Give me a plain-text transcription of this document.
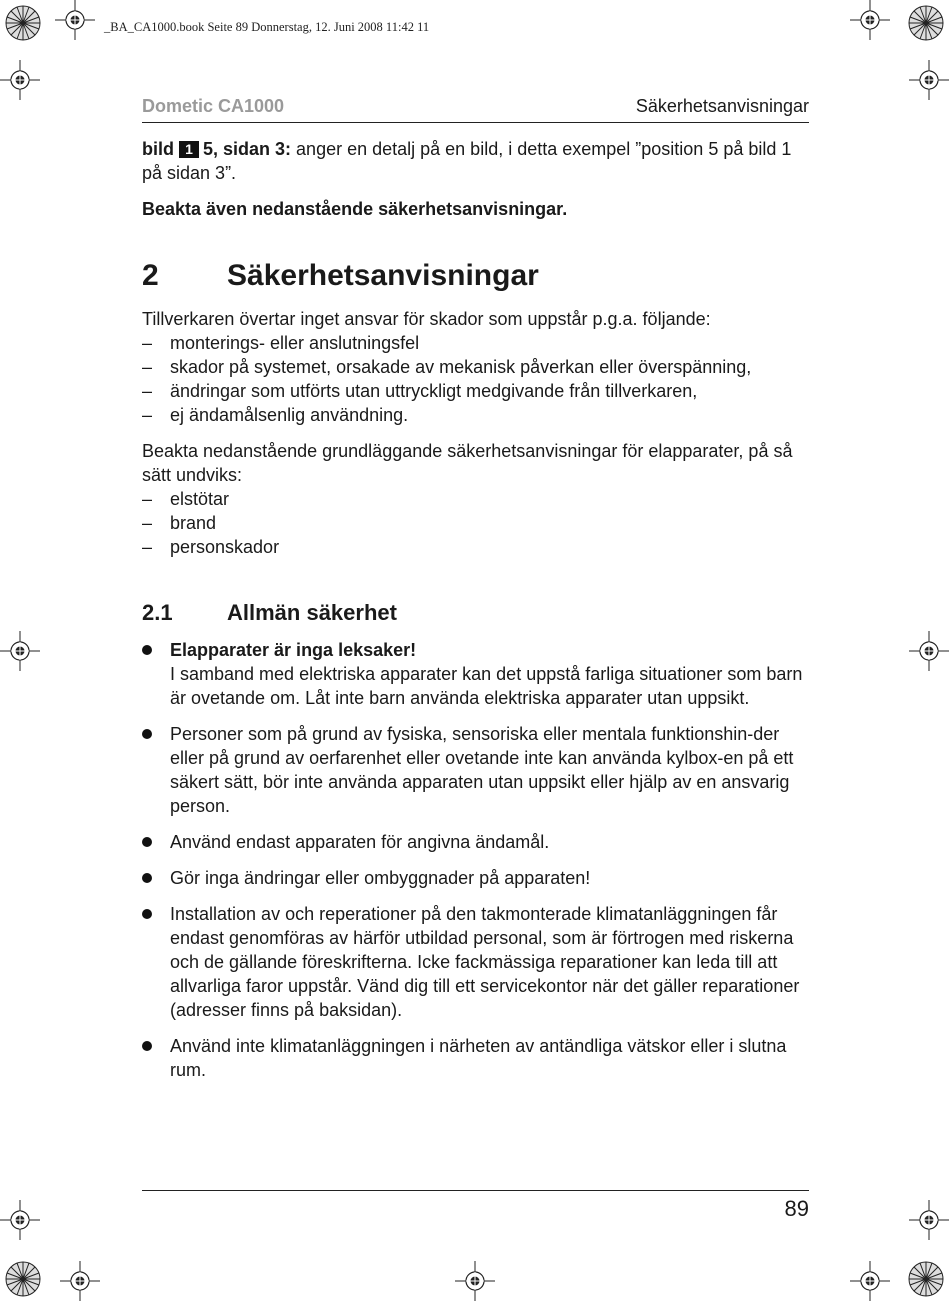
_BA_CA1000.book Seite 89 Donnerstag, 12. Juni 2008 11:42 11
Dometic CA1000	Säkerhetsanvisningar

bild 1 5, sidan 3: anger en detalj på en bild, i detta exempel ”position 5 på bild 1 på sidan 3”.

Beakta även nedanstående säkerhetsanvisningar.

2 Säkerhetsanvisningar

Tillverkaren övertar inget ansvar för skador som uppstår p.g.a. följande:

– monterings- eller anslutningsfel
– skador på systemet, orsakade av mekanisk påverkan eller överspänning,
– ändringar som utförts utan uttryckligt medgivande från tillverkaren,
– ej ändamålsenlig användning.

Beakta nedanstående grundläggande säkerhetsanvisningar för elapparater, på så sätt undviks:

– elstötar
– brand
– personskador
2.1 Allmän säkerhet
Elapparater är inga leksaker!
I samband med elektriska apparater kan det uppstå farliga situationer som barn är ovetande om. Låt inte barn använda elektriska apparater utan uppsikt.
Personer som på grund av fysiska, sensoriska eller mentala funktionshin-der eller på grund av oerfarenhet eller ovetande inte kan använda kylbox-en på ett säkert sätt, bör inte använda apparaten utan uppsikt eller hjälp av en ansvarig person.
Använd endast apparaten för angivna ändamål.
Gör inga ändringar eller ombyggnader på apparaten!
Installation av och reperationer på den takmonterade klimatanläggningen får endast genomföras av härför utbildad personal, som är förtrogen med riskerna och de gällande föreskrifterna. Icke fackmässiga reparationer kan leda till att allvarliga faror uppstår. Vänd dig till ett servicekontor när det gäller reparationer (adresser finns på baksidan).
Använd inte klimatanläggningen i närheten av antändliga vätskor eller i slutna rum.
89
